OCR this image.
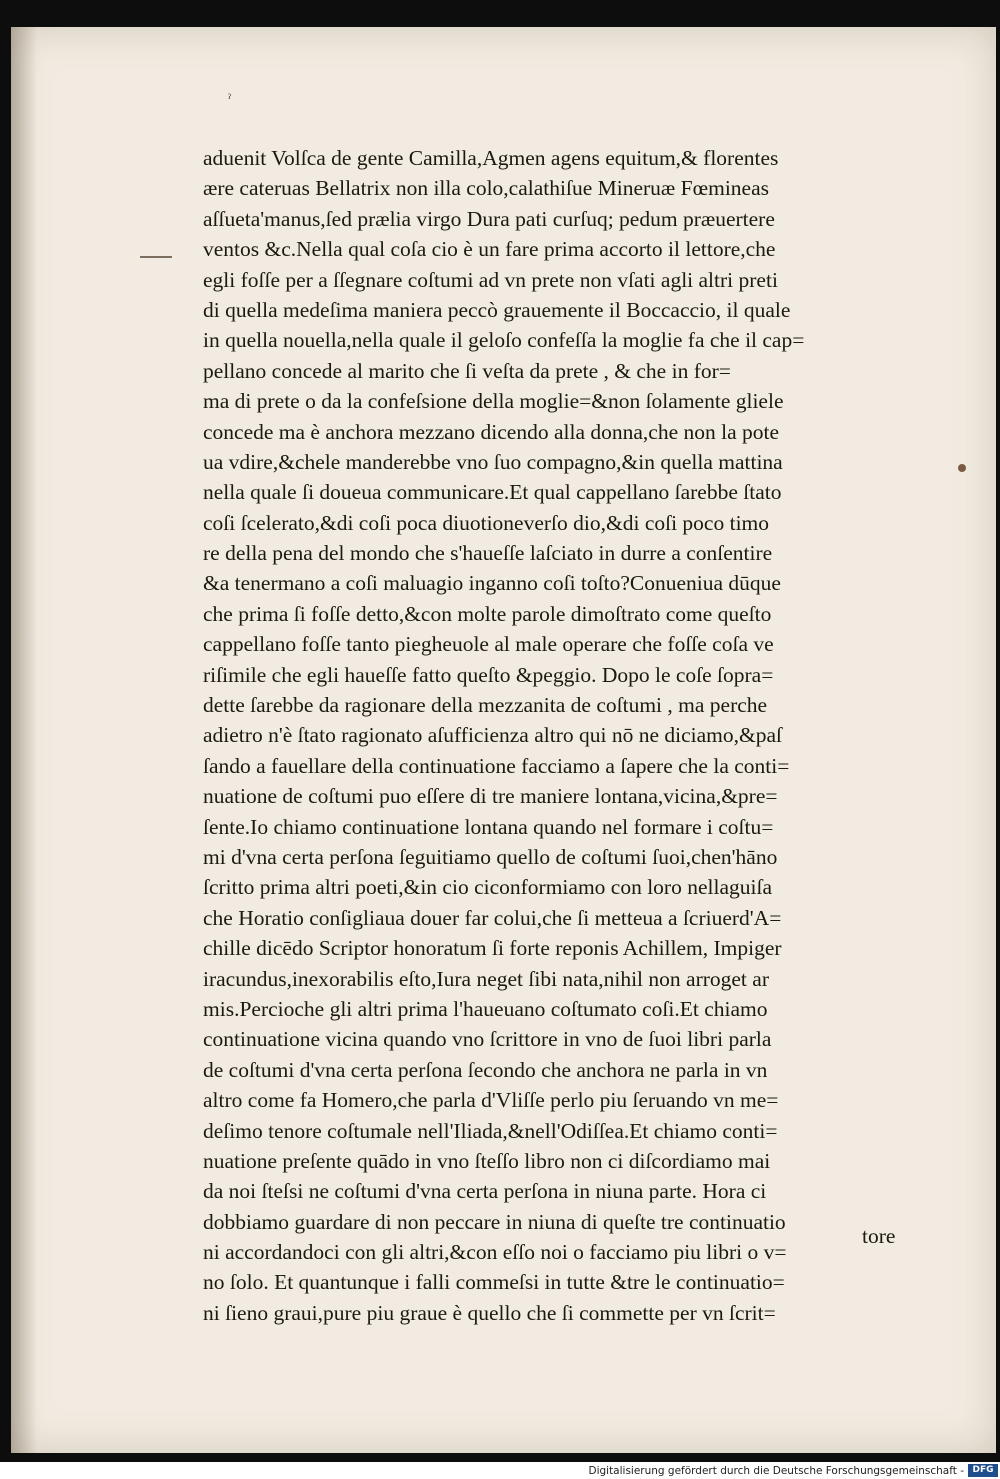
ˀ
aduenit Volſca de gente Camilla,Agmen agens equitum,& florentes
ære cateruas Bellatrix non illa colo,calathiſue Mineruæ Fœmineas
aſſueta'manus,ſed prælia virgo Dura pati curſuq; pedum præuertere
ventos &c.Nella qual coſa cio è un fare prima accorto il lettore,che
egli foſſe per a ſſegnare coſtumi ad vn prete non vſati agli altri preti
di quella medeſima maniera peccò grauemente il Boccaccio, il quale
in quella nouella,nella quale il geloſo confeſſa la moglie fa che il cap=
pellano concede al marito che ſi veſta da prete , & che in for=
ma di prete o da la confeſsione della moglie=&non ſolamente gliele
concede ma è anchora mezzano dicendo alla donna,che non la pote
ua vdire,&chele manderebbe vno ſuo compagno,&in quella mattina
nella quale ſi doueua communicare.Et qual cappellano ſarebbe ſtato
coſi ſcelerato,&di coſi poca diuotioneverſo dio,&di coſi poco timo
re della pena del mondo che s'haueſſe laſciato in durre a conſentire
&a tenermano a coſi maluagio inganno coſi toſto?Conueniua dūque
che prima ſi foſſe detto,&con molte parole dimoſtrato come queſto
cappellano foſſe tanto piegheuole al male operare che foſſe coſa ve
riſimile che egli haueſſe fatto queſto &peggio. Dopo le coſe ſopra=
dette ſarebbe da ragionare della mezzanita de coſtumi , ma perche
adietro n'è ſtato ragionato aſufficienza altro qui nō ne diciamo,&paſ
ſando a fauellare della continuatione facciamo a ſapere che la conti=
nuatione de coſtumi puo eſſere di tre maniere lontana,vicina,&pre=
ſente.Io chiamo continuatione lontana quando nel formare i coſtu=
mi d'vna certa perſona ſeguitiamo quello de coſtumi ſuoi,chen'hāno
ſcritto prima altri poeti,&in cio ciconformiamo con loro nellaguiſa
che Horatio conſigliaua douer far colui,che ſi metteua a ſcriuerd'A=
chille dicēdo Scriptor honoratum ſi forte reponis Achillem, Impiger
iracundus,inexorabilis eſto,Iura neget ſibi nata,nihil non arroget ar
mis.Percioche gli altri prima l'haueuano coſtumato coſi.Et chiamo
continuatione vicina quando vno ſcrittore in vno de ſuoi libri parla
de coſtumi d'vna certa perſona ſecondo che anchora ne parla in vn
altro come fa Homero,che parla d'Vliſſe perlo piu ſeruando vn me=
deſimo tenore coſtumale nell'Iliada,&nell'Odiſſea.Et chiamo conti=
nuatione preſente quādo in vno ſteſſo libro non ci diſcordiamo mai
da noi ſteſsi ne coſtumi d'vna certa perſona in niuna parte. Hora ci
dobbiamo guardare di non peccare in niuna di queſte tre continuatio
ni accordandoci con gli altri,&con eſſo noi o facciamo piu libri o v=
no ſolo. Et quantunque i falli commeſsi in tutte &tre le continuatio=
ni ſieno graui,pure piu graue è quello che ſi commette per vn ſcrit=
tore
Digitalisierung gefördert durch die Deutsche Forschungsgemeinschaft - DFG
